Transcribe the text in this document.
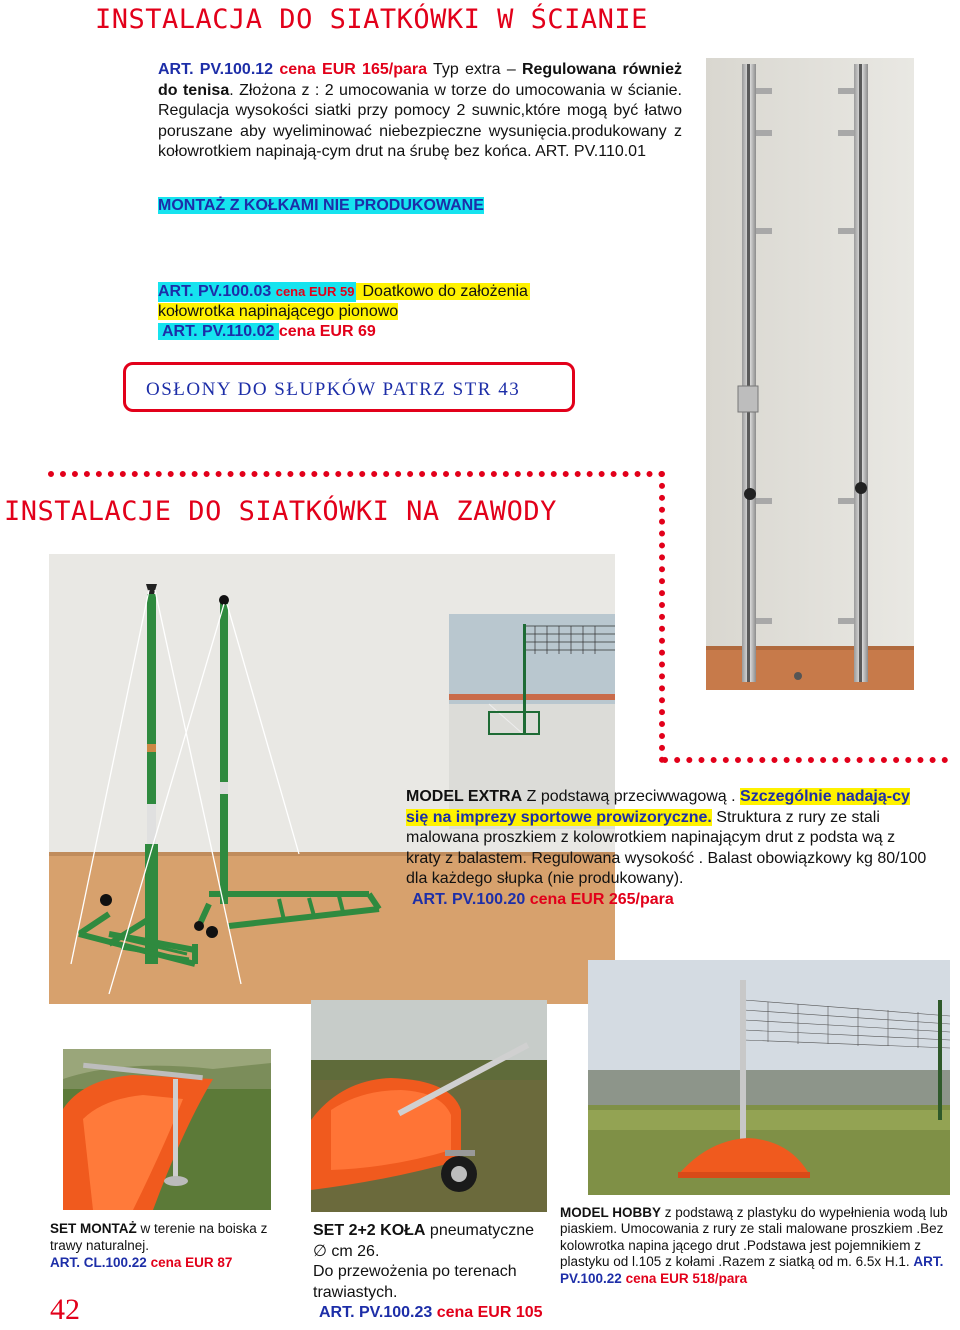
INSTALACJA DO SIATKÓWKI W ŚCIANIE
ART. PV.100.12 cena EUR 165/para Typ extra – Regulowana również do tenisa. Złożona z : 2 umocowania w torze do umocowania w ścianie. Regulacja wysokości siatki przy pomocy 2 suwnic,które mogą być łatwo poruszane aby wyeliminować niebezpieczne wysunięcia.produkowany z kołowrotkiem napinają-cym drut na śrubę bez końca. ART. PV.110.01
MONTAŻ Z KOŁKAMI NIE PRODUKOWANE
ART. PV.100.03 cena EUR 59 Doatkowo do założenia
kołowrotka napinającego pionowo
ART. PV.110.02 cena EUR 69
OSŁONY DO SŁUPKÓW PATRZ STR 43
INSTALACJE DO SIATKÓWKI NA ZAWODY
MODEL EXTRA Z podstawą przeciwwagową . Szczególnie nadają-cy się na imprezy sportowe prowizoryczne. Struktura z rury ze stali malowana proszkiem z kolowrotkiem napinającym drut z podsta wą z kraty z balastem. Regulowana wysokość . Balast obowiązkowy kg 80/100 dla każdego słupka (nie produkowany).
ART. PV.100.20 cena EUR 265/para
SET MONTAŻ w terenie na boiska z trawy naturalnej.
ART. CL.100.22 cena EUR 87
SET 2+2 KOŁA pneumatyczne
∅ cm 26.
Do przewożenia po terenach trawiastych.
ART. PV.100.23 cena EUR 105
MODEL HOBBY z podstawą z plastyku do wypełnienia wodą lub piaskiem. Umocowania z rury ze stali malowane proszkiem .Bez kolowrotka napina jącego drut .Podstawa jest pojemnikiem z plastyku od l.105 z kołami .Razem z siatką od m. 6.5x H.1. ART.
PV.100.22 cena EUR 518/para
42
